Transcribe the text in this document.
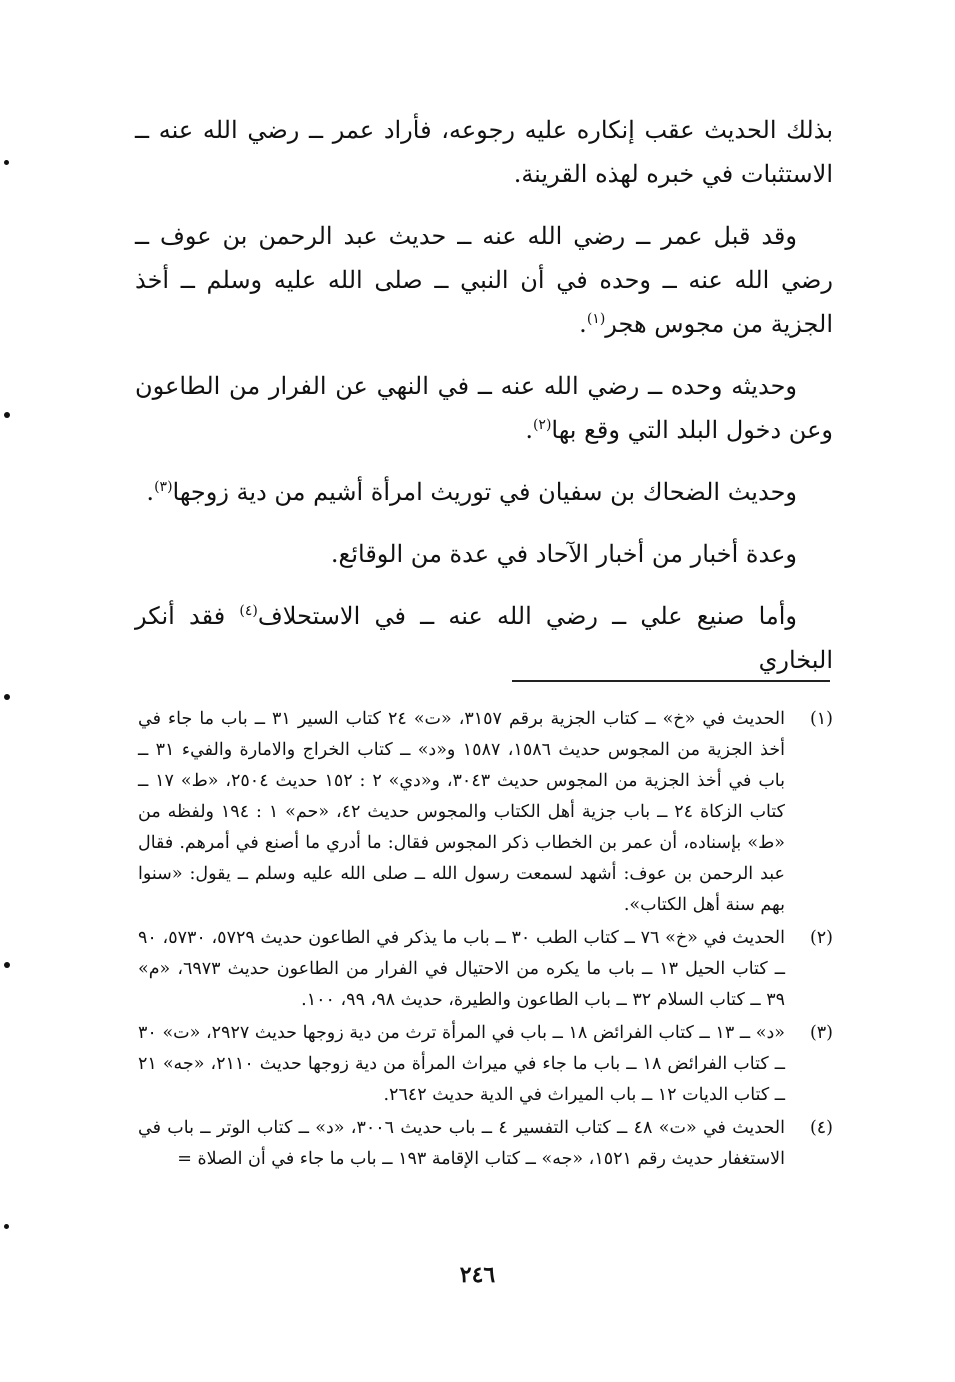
بذلك الحديث عقب إنكاره عليه رجوعه، فأراد عمر ــ رضي الله عنه ــ الاستثبات في خبره لهذه القرينة.

وقد قبل عمر ــ رضي الله عنه ــ حديث عبد الرحمن بن عوف ــ رضي الله عنه ــ وحده في أن النبي ــ صلى الله عليه وسلم ــ أخذ الجزية من مجوس هجر$^{(١)}$.

وحديثه وحده ــ رضي الله عنه ــ في النهي عن الفرار من الطاعون وعن دخول البلد التي وقع بها$^{(٢)}$.

وحديث الضحاك بن سفيان في توريث امرأة أشيم من دية زوجها$^{(٣)}$.

وعدة أخبار من أخبار الآحاد في عدة من الوقائع.

وأما صنيع علي ــ رضي الله عنه ــ في الاستحلاف$^{(٤)}$ فقد أنكر البخاري

(١)
الحديث في «خ» ــ كتاب الجزية برقم ٣١٥٧، «ت» ٢٤ كتاب السير ٣١ ــ باب ما جاء في أخذ الجزية من المجوس حديث ١٥٨٦، ١٥٨٧ و«د» ــ كتاب الخراج والامارة والفيء ٣١ ــ باب في أخذ الجزية من المجوس حديث ٣٠٤٣، و«دي» ٢ : ١٥٢ حديث ٢٥٠٤، «ط» ١٧ ــ كتاب الزكاة ٢٤ ــ باب جزية أهل الكتاب والمجوس حديث ٤٢، «حم» ١ : ١٩٤ ولفظه من «ط» بإسناده، أن عمر بن الخطاب ذكر المجوس فقال: ما أدري ما أصنع في أمرهم. فقال عبد الرحمن بن عوف: أشهد لسمعت رسول الله ــ صلى الله عليه وسلم ــ يقول: «سنوا بهم سنة أهل الكتاب».
(٢)
الحديث في «خ» ٧٦ ــ كتاب الطب ٣٠ ــ باب ما يذكر في الطاعون حديث ٥٧٢٩، ٥٧٣٠، ٩٠ ــ كتاب الحيل ١٣ ــ باب ما يكره من الاحتيال في الفرار من الطاعون حديث ٦٩٧٣، «م» ٣٩ ــ كتاب السلام ٣٢ ــ باب الطاعون والطيرة، حديث ٩٨، ٩٩، ١٠٠.
(٣)
«د» ــ ١٣ ــ كتاب الفرائض ١٨ ــ باب في المرأة ترث من دية زوجها حديث ٢٩٢٧، «ت» ٣٠ ــ كتاب الفرائض ١٨ ــ باب ما جاء في ميراث المرأة من دية زوجها حديث ٢١١٠، «جه» ٢١ ــ كتاب الديات ١٢ ــ باب الميراث في الدية حديث ٢٦٤٢.
(٤)
الحديث في «ت» ٤٨ ــ كتاب التفسير ٤ ــ باب حديث ٣٠٠٦، «د» ــ كتاب الوتر ــ باب في الاستغفار حديث رقم ١٥٢١، «جه» ــ كتاب الإقامة ١٩٣ ــ باب ما جاء في أن الصلاة =
٢٤٦
